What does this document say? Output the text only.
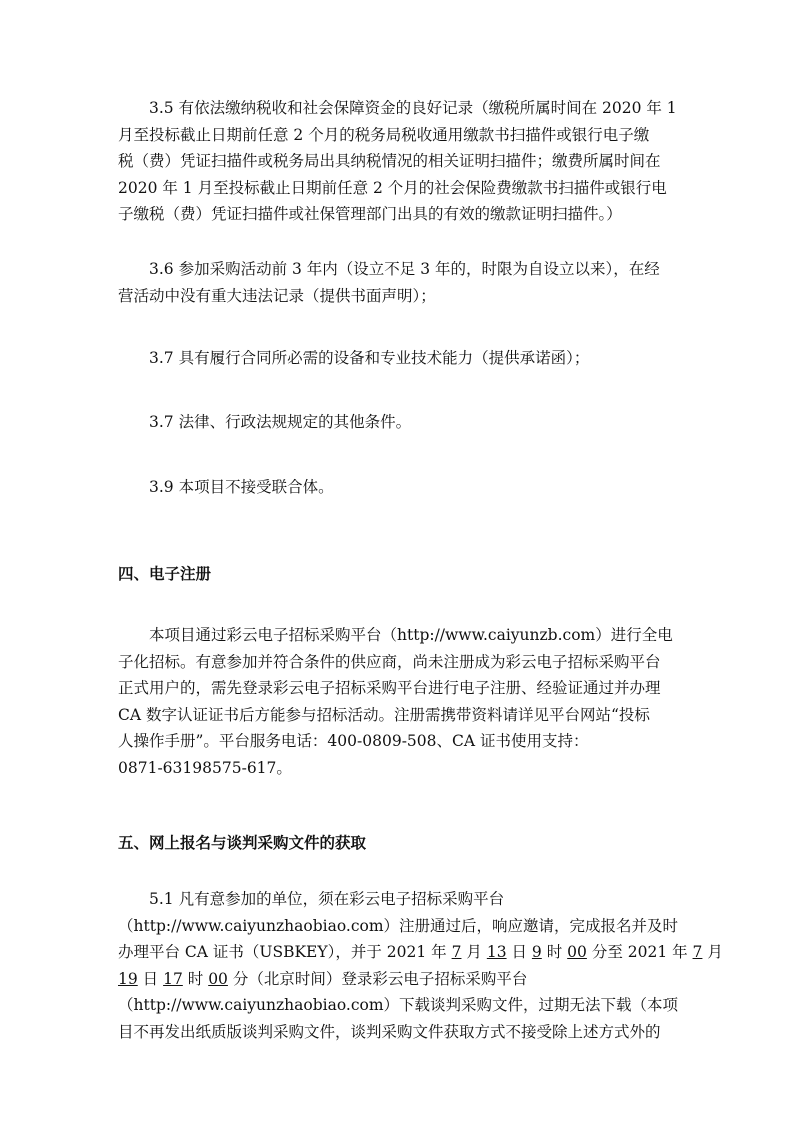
3.5 有依法缴纳税收和社会保障资金的良好记录（缴税所属时间在 2020 年 1
月至投标截止日期前任意 2 个月的税务局税收通用缴款书扫描件或银行电子缴
税（费）凭证扫描件或税务局出具纳税情况的相关证明扫描件；缴费所属时间在
2020 年 1 月至投标截止日期前任意 2 个月的社会保险费缴款书扫描件或银行电
子缴税（费）凭证扫描件或社保管理部门出具的有效的缴款证明扫描件。）

3.6 参加采购活动前 3 年内（设立不足 3 年的，时限为自设立以来），在经
营活动中没有重大违法记录（提供书面声明）；

3.7 具有履行合同所必需的设备和专业技术能力（提供承诺函）；

3.7 法律、行政法规规定的其他条件。

3.9 本项目不接受联合体。

四、电子注册

本项目通过彩云电子招标采购平台（http://www.caiyunzb.com）进行全电
子化招标。有意参加并符合条件的供应商，尚未注册成为彩云电子招标采购平台
正式用户的，需先登录彩云电子招标采购平台进行电子注册、经验证通过并办理
CA 数字认证证书后方能参与招标活动。注册需携带资料请详见平台网站“投标
人操作手册”。平台服务电话：400-0809-508、CA 证书使用支持：
0871-63198575-617。

五、网上报名与谈判采购文件的获取

5.1 凡有意参加的单位，须在彩云电子招标采购平台
（http://www.caiyunzhaobiao.com）注册通过后，响应邀请，完成报名并及时
办理平台 CA 证书（USBKEY），并于 2021 年 7 月 13 日 9 时 00 分至 2021 年 7 月
19 日 17 时 00 分（北京时间）登录彩云电子招标采购平台
（http://www.caiyunzhaobiao.com）下载谈判采购文件，过期无法下载（本项
目不再发出纸质版谈判采购文件，谈判采购文件获取方式不接受除上述方式外的
